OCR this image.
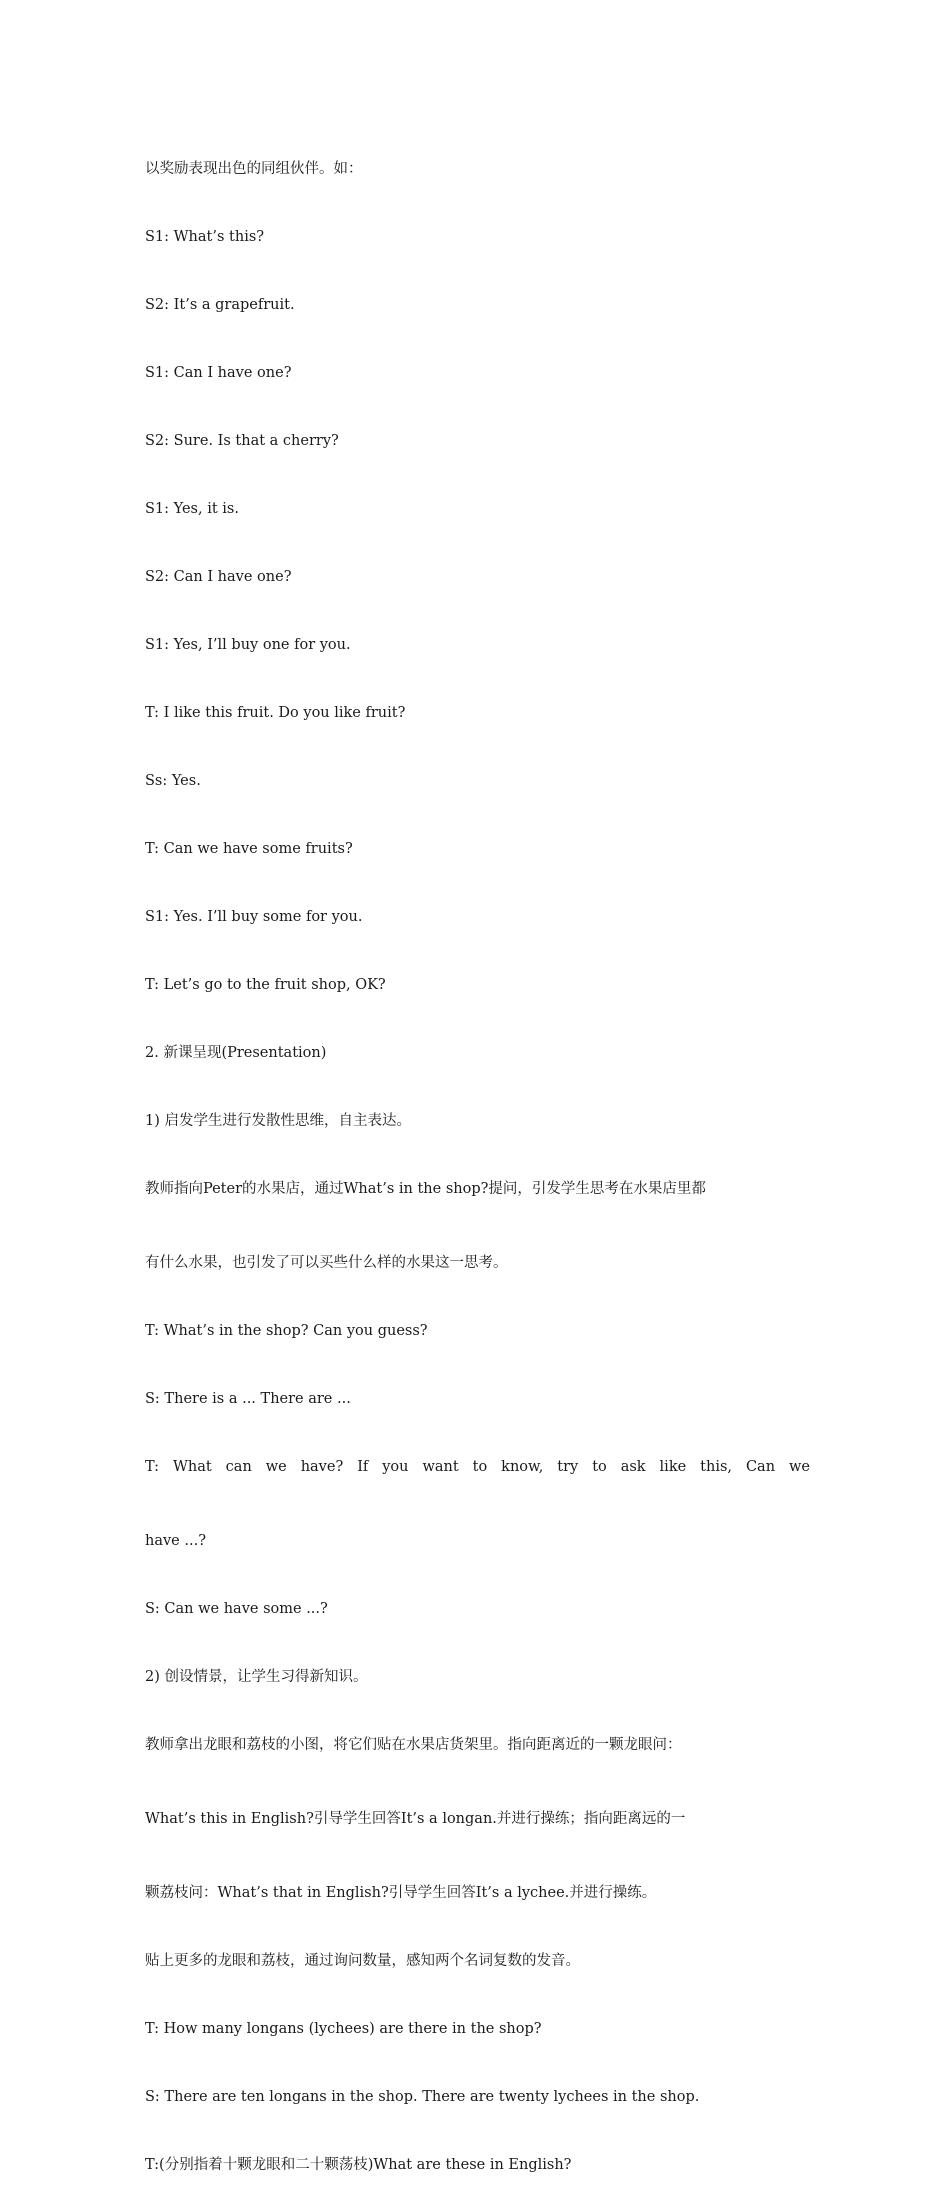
以奖励表现出色的同组伙伴。如：

S1: What’s this?

S2: It’s a grapefruit.

S1: Can I have one?

S2: Sure. Is that a cherry?

S1: Yes, it is.

S2: Can I have one?

S1: Yes, I’ll buy one for you.

T: I like this fruit. Do you like fruit?

Ss: Yes.

T: Can we have some fruits?

S1: Yes. I’ll buy some for you.

T: Let’s go to the fruit shop, OK?

2. 新课呈现(Presentation)

1) 启发学生进行发散性思维，自主表达。

教师指向Peter的水果店，通过What’s in the shop?提问，引发学生思考在水果店里都

有什么水果，也引发了可以买些什么样的水果这一思考。

T: What’s in the shop? Can you guess?

S: There is a ... There are ...

T: What can we have? If you want to know, try to ask like this, Can we

have ...?

S: Can we have some ...?

2) 创设情景，让学生习得新知识。

教师拿出龙眼和荔枝的小图，将它们贴在水果店货架里。指向距离近的一颗龙眼问：

What’s this in English?引导学生回答It’s a longan.并进行操练；指向距离远的一

颗荔枝问：What’s that in English?引导学生回答It’s a lychee.并进行操练。

贴上更多的龙眼和荔枝，通过询问数量，感知两个名词复数的发音。

T: How many longans (lychees) are there in the shop?

S: There are ten longans in the shop. There are twenty lychees in the shop.

T:(分别指着十颗龙眼和二十颗荡枝)What are these in English?
